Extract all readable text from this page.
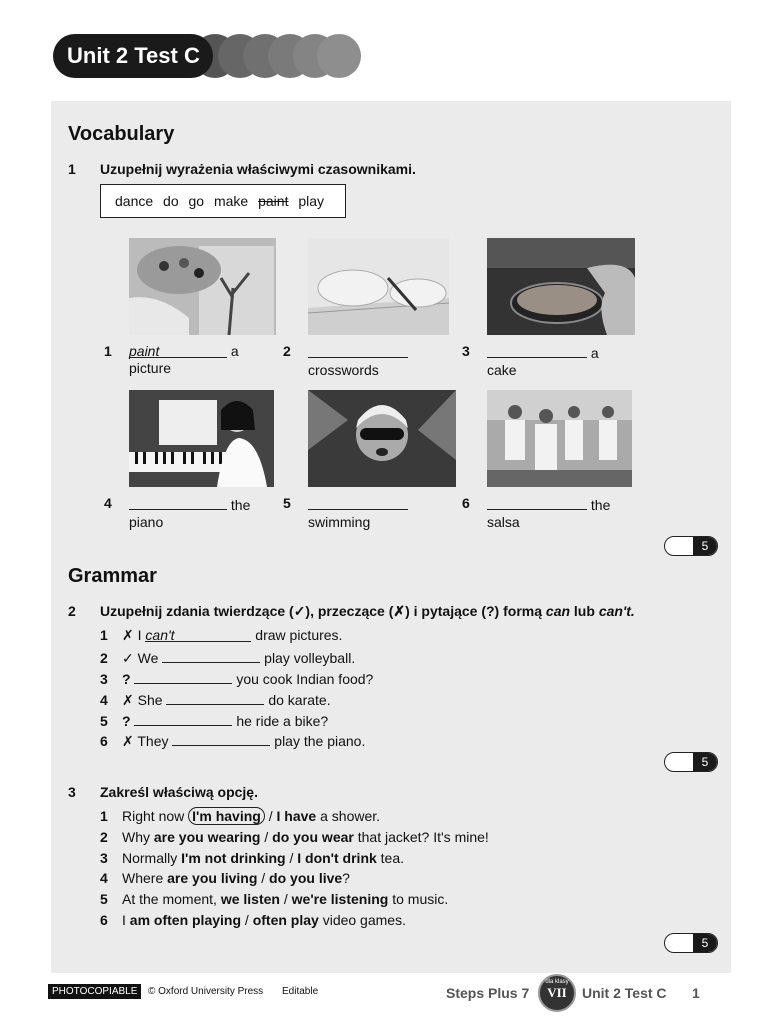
Unit 2 Test C
Vocabulary
1 Uzupełnij wyrażenia właściwymi czasownikami.
dance do go make paint play
1 paint	a
picture
2

crosswords
3	a
cake
4	the
piano
5

swimming
6	the
salsa
5
Grammar
2 Uzupełnij zdania twierdzące (✓), przeczące (✗) i pytające (?) formą can lub can't.
1 ✗ I can't	draw pictures.
2 ✓ We	play volleyball.
3 ?	you cook Indian food?
4 ✗ She	do karate.
5 ?	he ride a bike?
6 ✗ They	play the piano.
5
3 Zakreśl właściwą opcję.
1 Right now I'm having / I have a shower.
2 Why are you wearing / do you wear that jacket? It's mine!
3 Normally I'm not drinking / I don't drink tea.
4 Where are you living / do you live?
5 At the moment, we listen / we're listening to music.
6 I am often playing / often play video games.
5
PHOTOCOPIABLE	© Oxford University Press Editable	Steps Plus 7
dla klasy
VII	Unit 2 Test C 1
